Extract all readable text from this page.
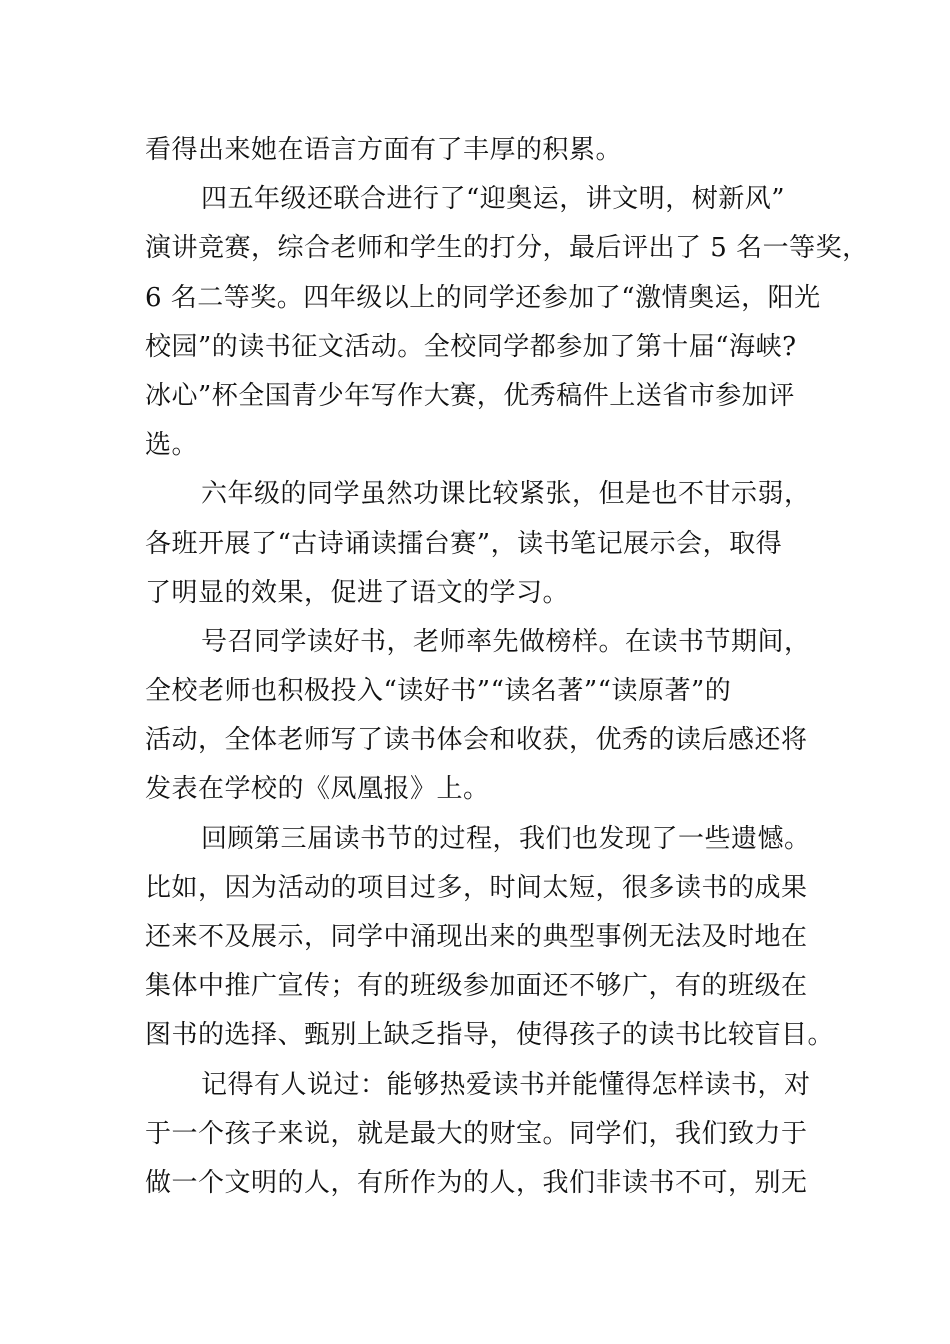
看得出来她在语言方面有了丰厚的积累。
四五年级还联合进行了“迎奥运，讲文明，树新风”
演讲竞赛，综合老师和学生的打分，最后评出了 5 名一等奖，
6 名二等奖。四年级以上的同学还参加了“激情奥运，阳光
校园”的读书征文活动。全校同学都参加了第十届“海峡?
冰心”杯全国青少年写作大赛，优秀稿件上送省市参加评
选。
六年级的同学虽然功课比较紧张，但是也不甘示弱，
各班开展了“古诗诵读擂台赛”，读书笔记展示会，取得
了明显的效果，促进了语文的学习。
号召同学读好书，老师率先做榜样。在读书节期间，
全校老师也积极投入“读好书”“读名著”“读原著”的
活动，全体老师写了读书体会和收获，优秀的读后感还将
发表在学校的《凤凰报》上。
回顾第三届读书节的过程，我们也发现了一些遗憾。
比如，因为活动的项目过多，时间太短，很多读书的成果
还来不及展示，同学中涌现出来的典型事例无法及时地在
集体中推广宣传；有的班级参加面还不够广，有的班级在
图书的选择、甄别上缺乏指导，使得孩子的读书比较盲目。
记得有人说过：能够热爱读书并能懂得怎样读书，对
于一个孩子来说，就是最大的财宝。同学们，我们致力于
做一个文明的人，有所作为的人，我们非读书不可，别无
